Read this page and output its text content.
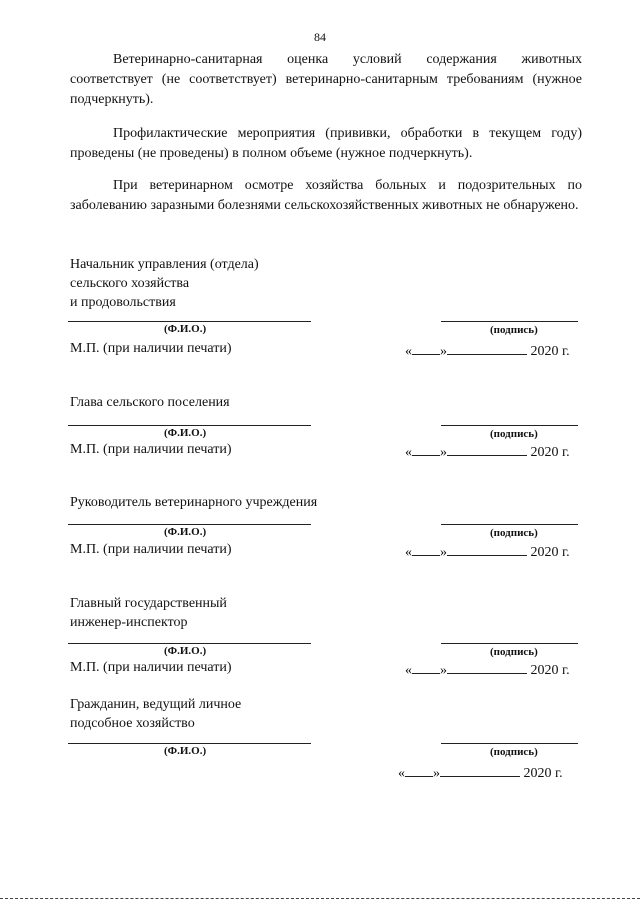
84

Ветеринарно-санитарная оценка условий содержания животных соответствует (не соответствует) ветеринарно-санитарным требованиям (нужное подчеркнуть).

Профилактические мероприятия (прививки, обработки в текущем году) проведены (не проведены) в полном объеме (нужное подчеркнуть).

При ветеринарном осмотре хозяйства больных и подозрительных по заболеванию заразными болезнями сельскохозяйственных животных не обнаружено.

Начальник управления (отдела)
сельского хозяйства
и продовольствия
(Ф.И.О.)	(подпись)
М.П. (при наличии печати)	« »	2020 г.
Глава сельского поселения
(Ф.И.О.)	(подпись)
М.П. (при наличии печати)	« »	2020 г.
Руководитель ветеринарного учреждения
(Ф.И.О.)	(подпись)
М.П. (при наличии печати)	« »	2020 г.
Главный государственный
инженер-инспектор
(Ф.И.О.)	(подпись)
М.П. (при наличии печати)	« »	2020 г.
Гражданин, ведущий личное
подсобное хозяйство
(Ф.И.О.)	(подпись)
« »	2020 г.
